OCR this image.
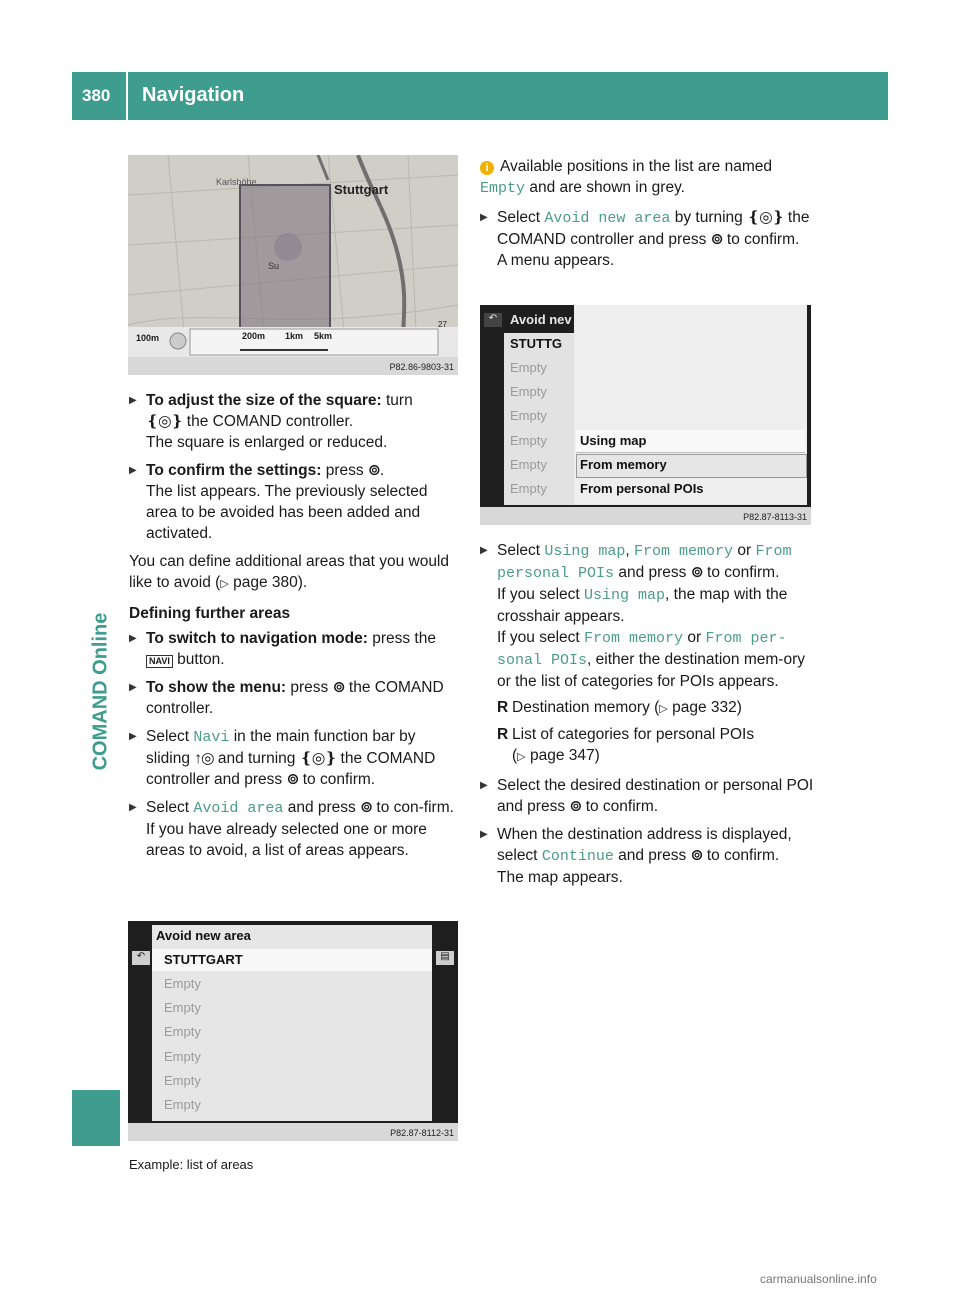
380 Navigation
COMAND Online
Karlshöhe	Stuttgart
Su
100m	200m 1km 5km
27
P82.86-9803-31
▶ To adjust the size of the square: turn
❴◎❵ the COMAND controller.
The square is enlarged or reduced.
▶ To confirm the settings: press ⊚.
The list appears. The previously selected area to be avoided has been added and activated.

You can define additional areas that you would like to avoid (▷ page 380).

Defining further areas

▶ To switch to navigation mode: press the
NAVI button.
▶ To show the menu: press ⊚ the COMAND controller.
▶ Select Navi in the main function bar by sliding ↑◎ and turning ❴◎❵ the COMAND controller and press ⊚ to confirm.
▶ Select Avoid area and press ⊚ to con-firm.
If you have already selected one or more areas to avoid, a list of areas appears.
↶	▤
Avoid new area
STUTTGART
Empty
Empty
Empty
Empty
Empty
Empty
P82.87-8112-31
Example: list of areas

i Available positions in the list are named Empty and are shown in grey.

▶ Select Avoid new area by turning ❴◎❵ the COMAND controller and press ⊚ to confirm.
A menu appears.
Avoid nev
↶
STUTTG
Empty
Empty
Empty
Empty
Empty
Empty
Using map
From memory
From personal POIs
P82.87-8113-31
▶ Select Using map, From memory or From personal POIs and press ⊚ to confirm.
If you select Using map, the map with the crosshair appears.
If you select From memory or From per-sonal POIs, either the destination mem-ory or the list of categories for POIs appears.
R Destination memory (▷ page 332)
R List of categories for personal POIs
(▷ page 347)
▶ Select the desired destination or personal POI and press ⊚ to confirm.
▶ When the destination address is displayed, select Continue and press ⊚ to confirm.
The map appears.
carmanualsonline.info
